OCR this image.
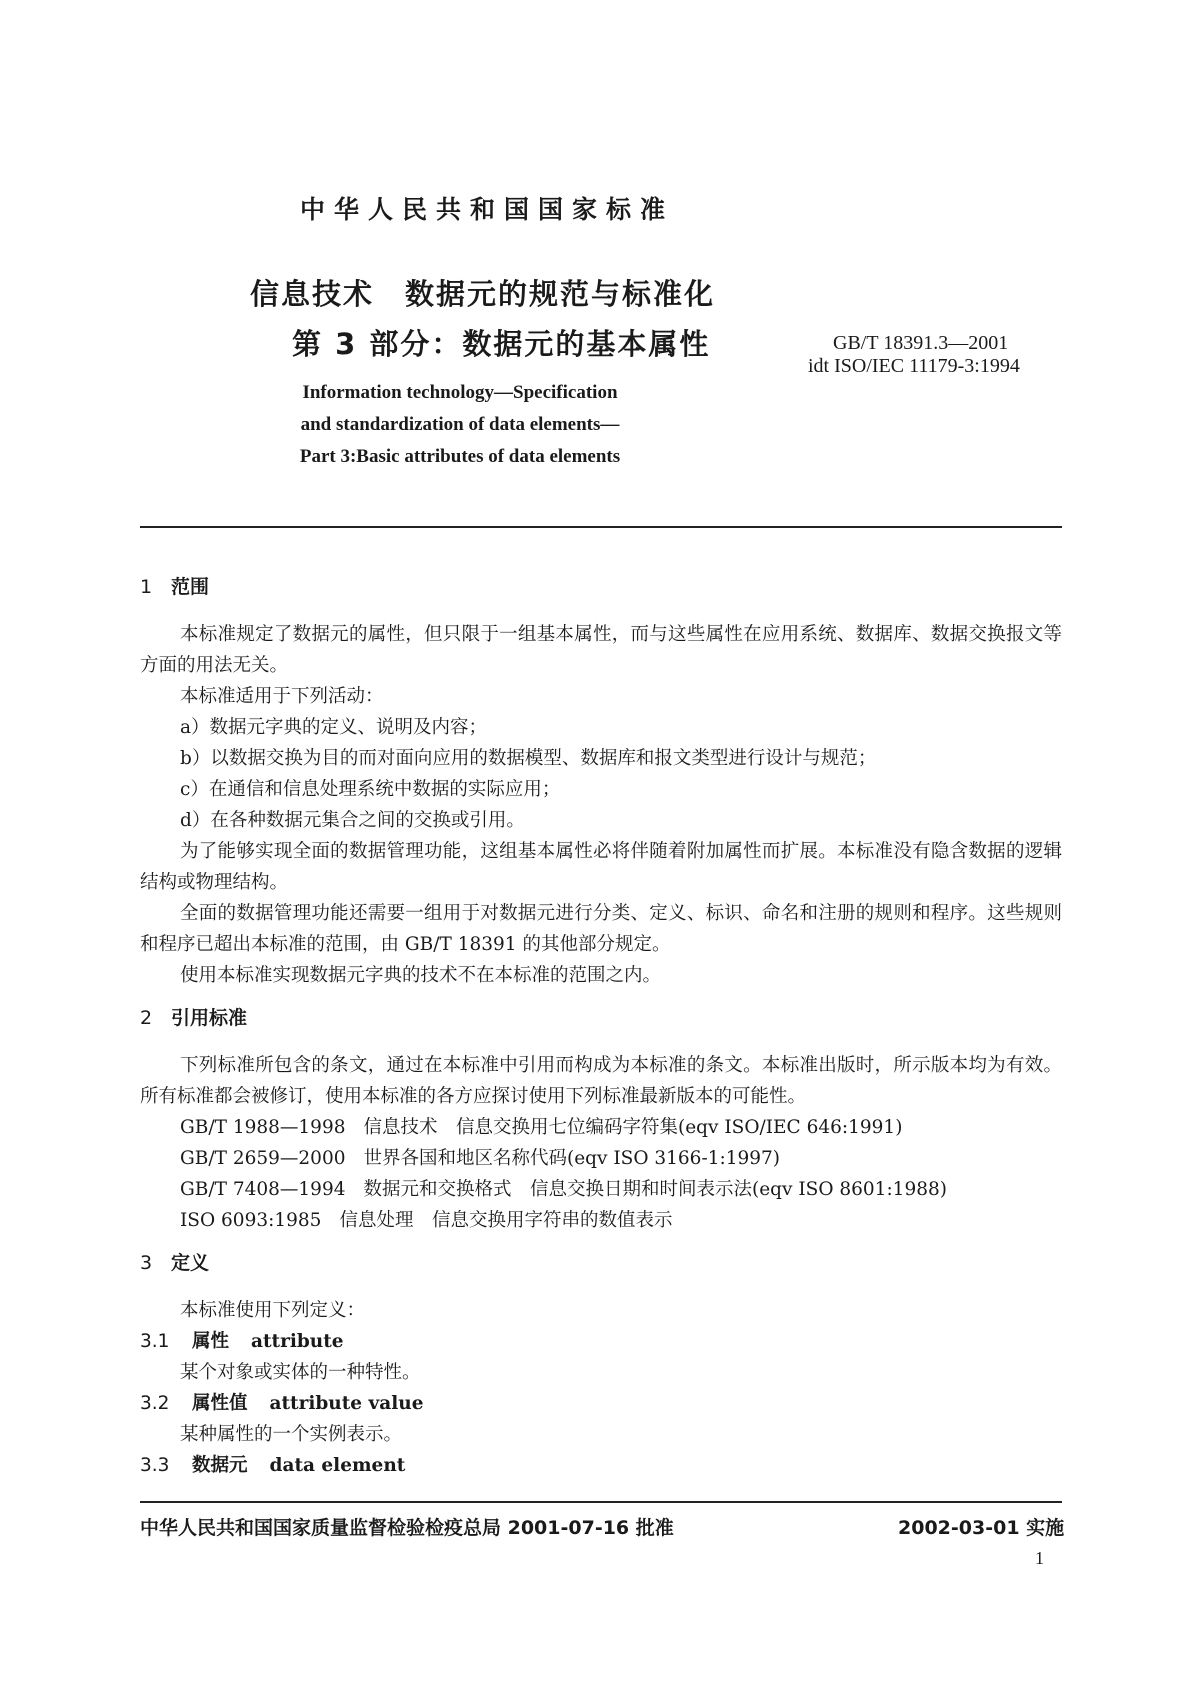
中华人民共和国国家标准
信息技术　数据元的规范与标准化
第 3 部分：数据元的基本属性	GB/T 18391.3—2001
idt ISO/IEC 11179-3:1994
Information technology—Specification
and standardization of data elements—
Part 3:Basic attributes of data elements
1 范围
本标准规定了数据元的属性，但只限于一组基本属性，而与这些属性在应用系统、数据库、数据交换报文等方面的用法无关。
本标准适用于下列活动：
a）数据元字典的定义、说明及内容；
b）以数据交换为目的而对面向应用的数据模型、数据库和报文类型进行设计与规范；
c）在通信和信息处理系统中数据的实际应用；
d）在各种数据元集合之间的交换或引用。
为了能够实现全面的数据管理功能，这组基本属性必将伴随着附加属性而扩展。本标准没有隐含数据的逻辑结构或物理结构。
全面的数据管理功能还需要一组用于对数据元进行分类、定义、标识、命名和注册的规则和程序。这些规则和程序已超出本标准的范围，由 GB/T 18391 的其他部分规定。
使用本标准实现数据元字典的技术不在本标准的范围之内。
2 引用标准
下列标准所包含的条文，通过在本标准中引用而构成为本标准的条文。本标准出版时，所示版本均为有效。所有标准都会被修订，使用本标准的各方应探讨使用下列标准最新版本的可能性。
GB/T 1988—1998 信息技术　信息交换用七位编码字符集(eqv ISO/IEC 646:1991)
GB/T 2659—2000 世界各国和地区名称代码(eqv ISO 3166-1:1997)
GB/T 7408—1994 数据元和交换格式　信息交换日期和时间表示法(eqv ISO 8601:1988)
ISO 6093:1985 信息处理　信息交换用字符串的数值表示
3 定义
本标准使用下列定义：
3.1 属性 attribute
某个对象或实体的一种特性。
3.2 属性值 attribute value
某种属性的一个实例表示。
3.3 数据元 data element
中华人民共和国国家质量监督检验检疫总局 2001-07-16 批准	2002-03-01 实施
1
